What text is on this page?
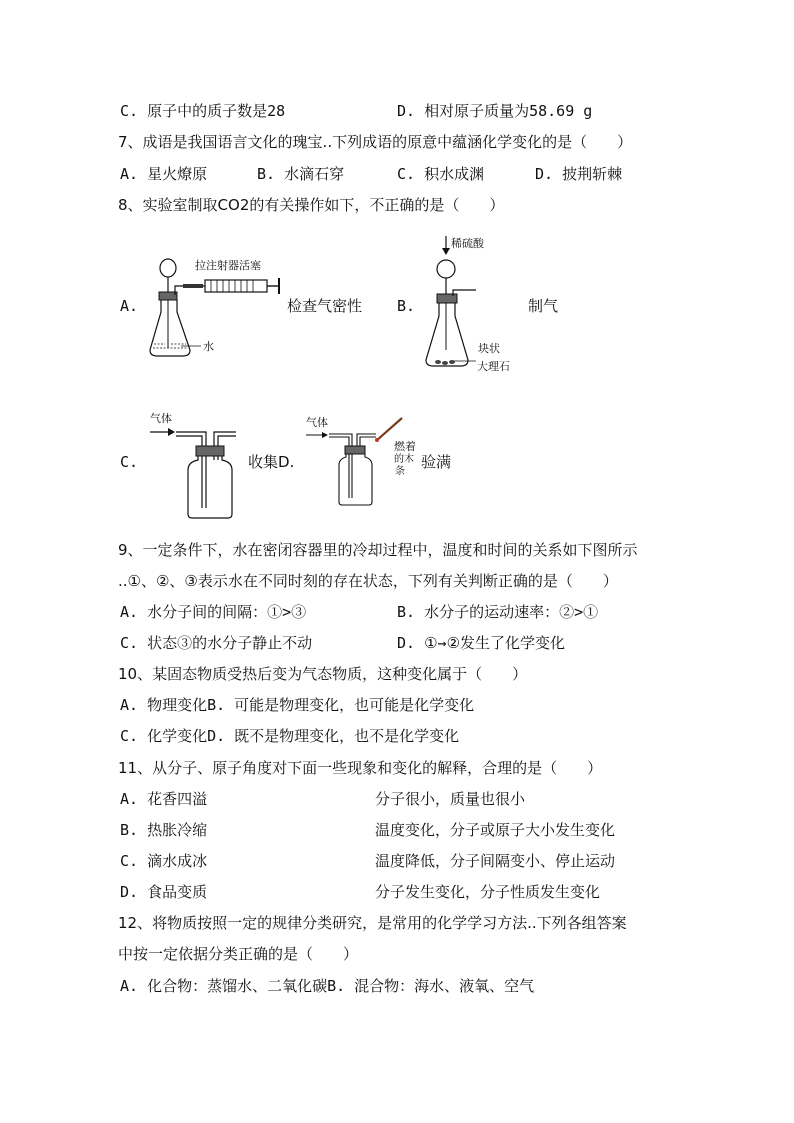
C. 原子中的质子数是28	D. 相对原子质量为58.69 g
7、成语是我国语言文化的瑰宝..下列成语的原意中蕴涵化学变化的是（　　）
A. 星火燎原	B. 水滴石穿	C. 积水成渊	D. 披荆斩棘
8、实验室制取CO2的有关操作如下，不正确的是（　　）
A.
拉注射器活塞
水
检查气密性 B.
稀硫酸
块状
大理石
制气
C.
气体
收集D.
气体
燃着
的木
条
验满
9、一定条件下，水在密闭容器里的冷却过程中，温度和时间的关系如下图所示
..①、②、③表示水在不同时刻的存在状态，下列有关判断正确的是（　　）
A. 水分子间的间隔：①>③	B. 水分子的运动速率：②>①
C. 状态③的水分子静止不动	D. ①→②发生了化学变化
10、某固态物质受热后变为气态物质，这种变化属于（　　）
A. 物理变化B. 可能是物理变化，也可能是化学变化
C. 化学变化D. 既不是物理变化，也不是化学变化
11、从分子、原子角度对下面一些现象和变化的解释，合理的是（　　）
A. 花香四溢	分子很小，质量也很小
B. 热胀冷缩	温度变化，分子或原子大小发生变化
C. 滴水成冰	温度降低，分子间隔变小、停止运动
D. 食品变质	分子发生变化，分子性质发生变化
12、将物质按照一定的规律分类研究，是常用的化学学习方法..下列各组答案
中按一定依据分类正确的是（　　）
A. 化合物：蒸馏水、二氧化碳B. 混合物：海水、液氧、空气
